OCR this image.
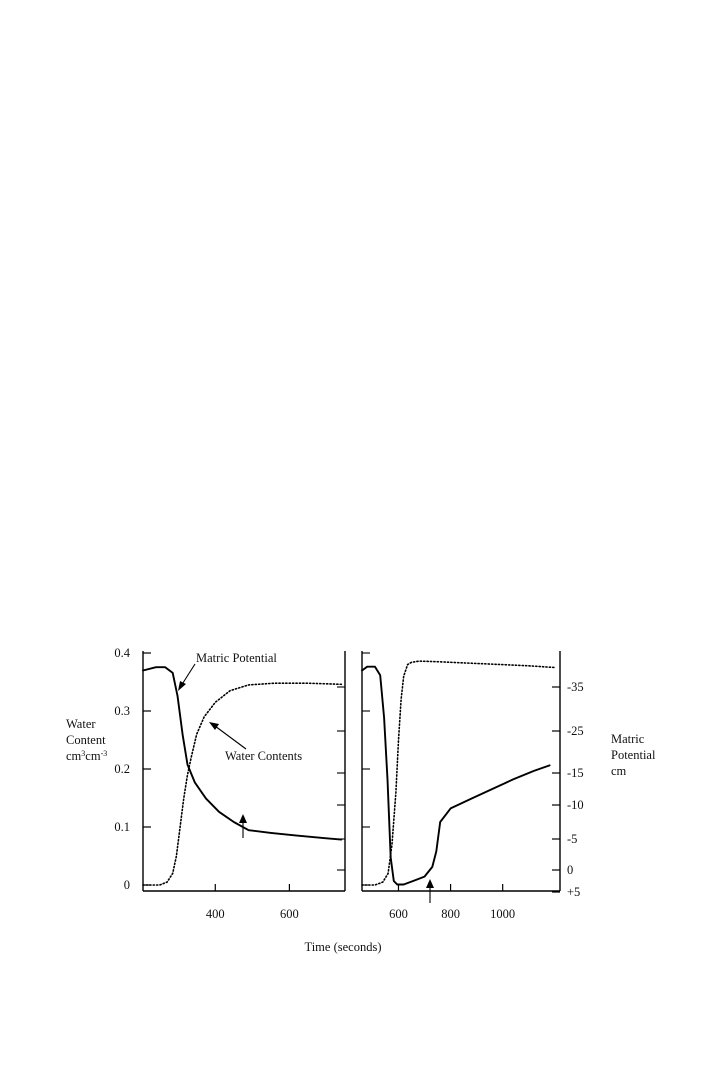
0
0.1
0.2
0.3
0.4
-35
-25
-15
-10
-5
0
+5
400	600	600	800 1000
Water
Content
$cm^3cm^{-3}$
Matric
Potential
cm
Time (seconds)
Matric Potential
Water Contents
